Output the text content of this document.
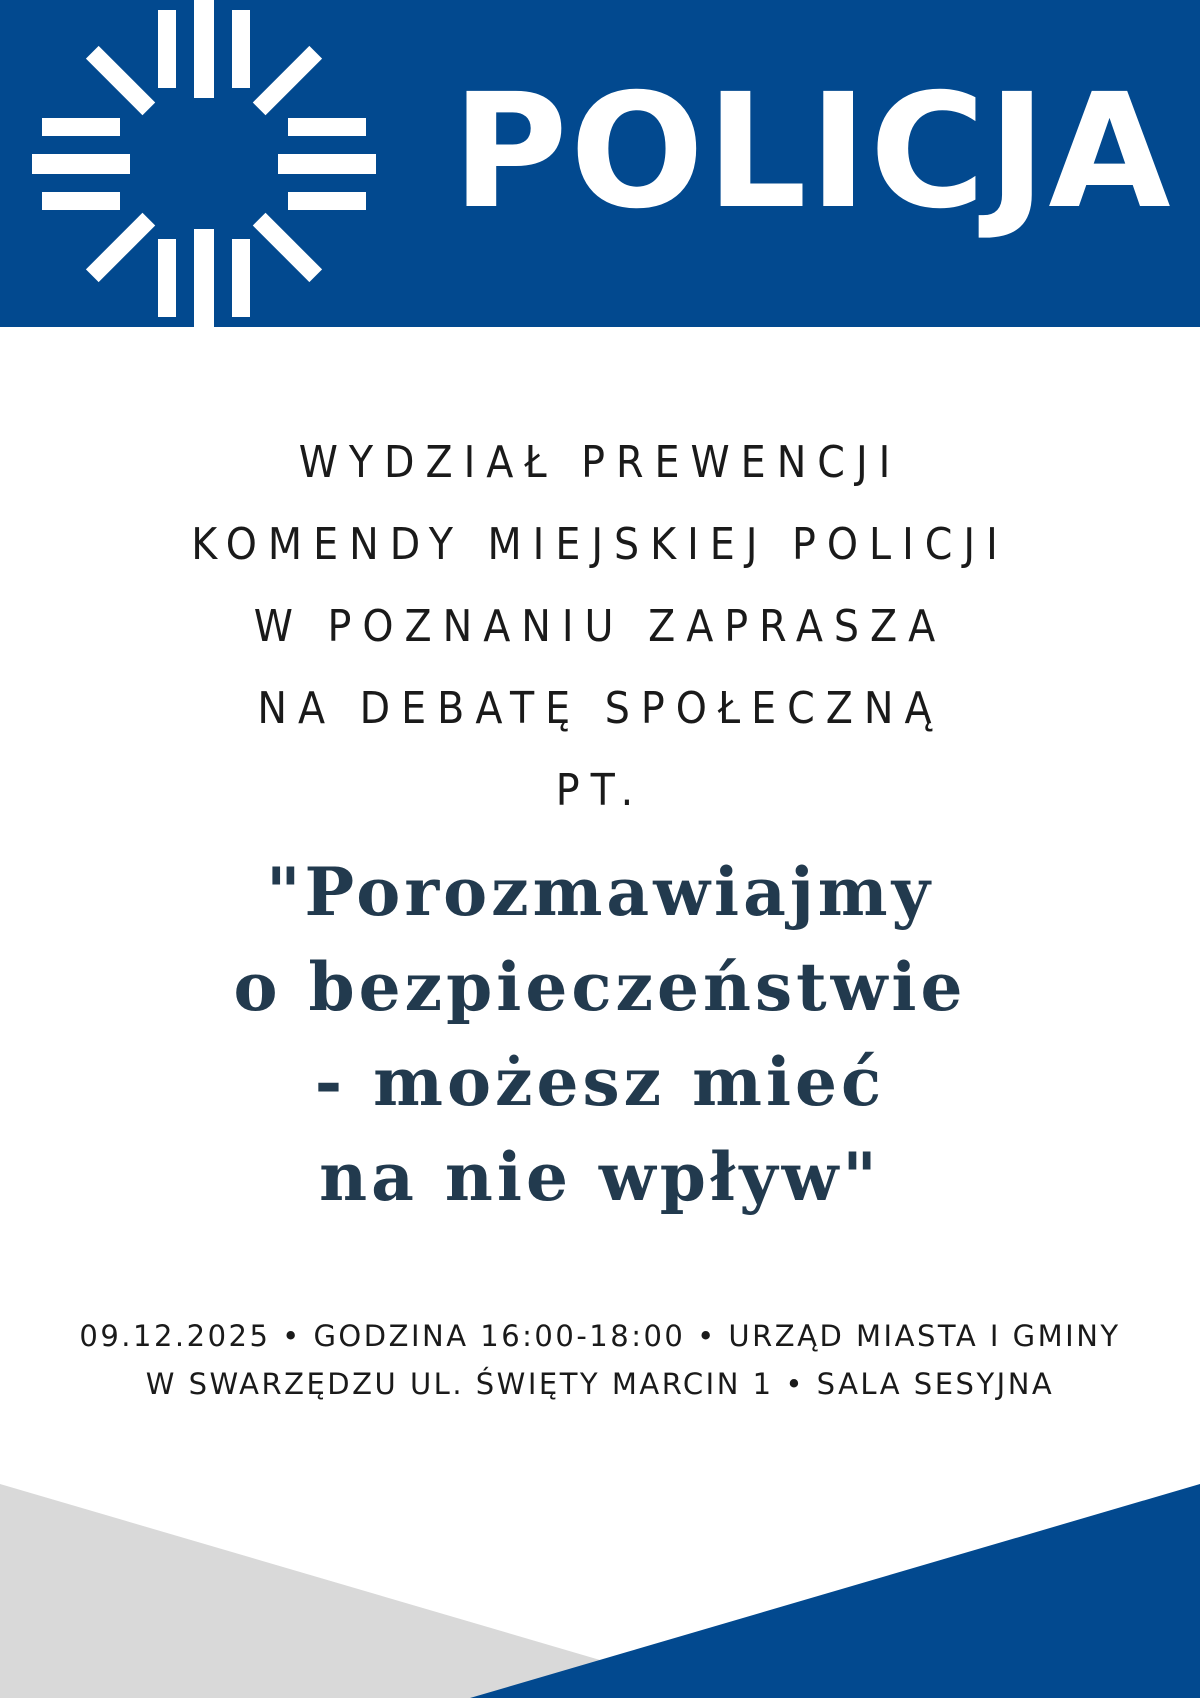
POLICJA
WYDZIAŁ PREWENCJI
KOMENDY MIEJSKIEJ POLICJI
W POZNANIU ZAPRASZA
NA DEBATĘ SPOŁECZNĄ
PT.
"Porozmawiajmy
o bezpieczeństwie
- możesz mieć
na nie wpływ"
09.12.2025 • GODZINA 16:00-18:00 • URZĄD MIASTA I GMINY
W SWARZĘDZU UL. ŚWIĘTY MARCIN 1 • SALA SESYJNA
